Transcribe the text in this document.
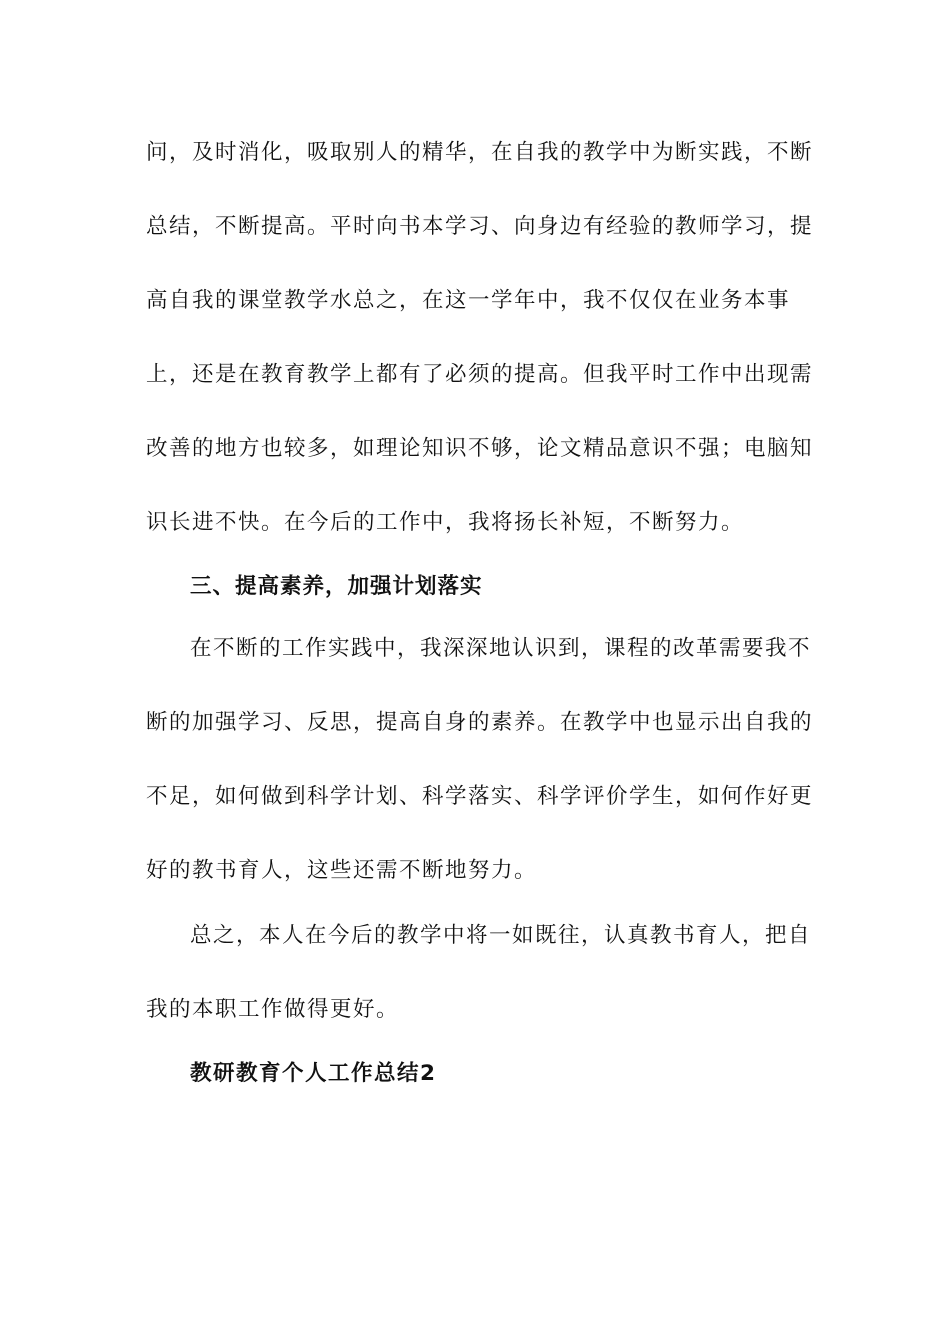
问，及时消化，吸取别人的精华，在自我的教学中为断实践，不断
总结，不断提高。平时向书本学习、向身边有经验的教师学习，提
高自我的课堂教学水总之，在这一学年中，我不仅仅在业务本事
上，还是在教育教学上都有了必须的提高。但我平时工作中出现需
改善的地方也较多，如理论知识不够，论文精品意识不强；电脑知
识长进不快。在今后的工作中，我将扬长补短，不断努力。
三、提高素养，加强计划落实
在不断的工作实践中，我深深地认识到，课程的改革需要我不
断的加强学习、反思，提高自身的素养。在教学中也显示出自我的
不足，如何做到科学计划、科学落实、科学评价学生，如何作好更
好的教书育人，这些还需不断地努力。
总之，本人在今后的教学中将一如既往，认真教书育人，把自
我的本职工作做得更好。
教研教育个人工作总结2
